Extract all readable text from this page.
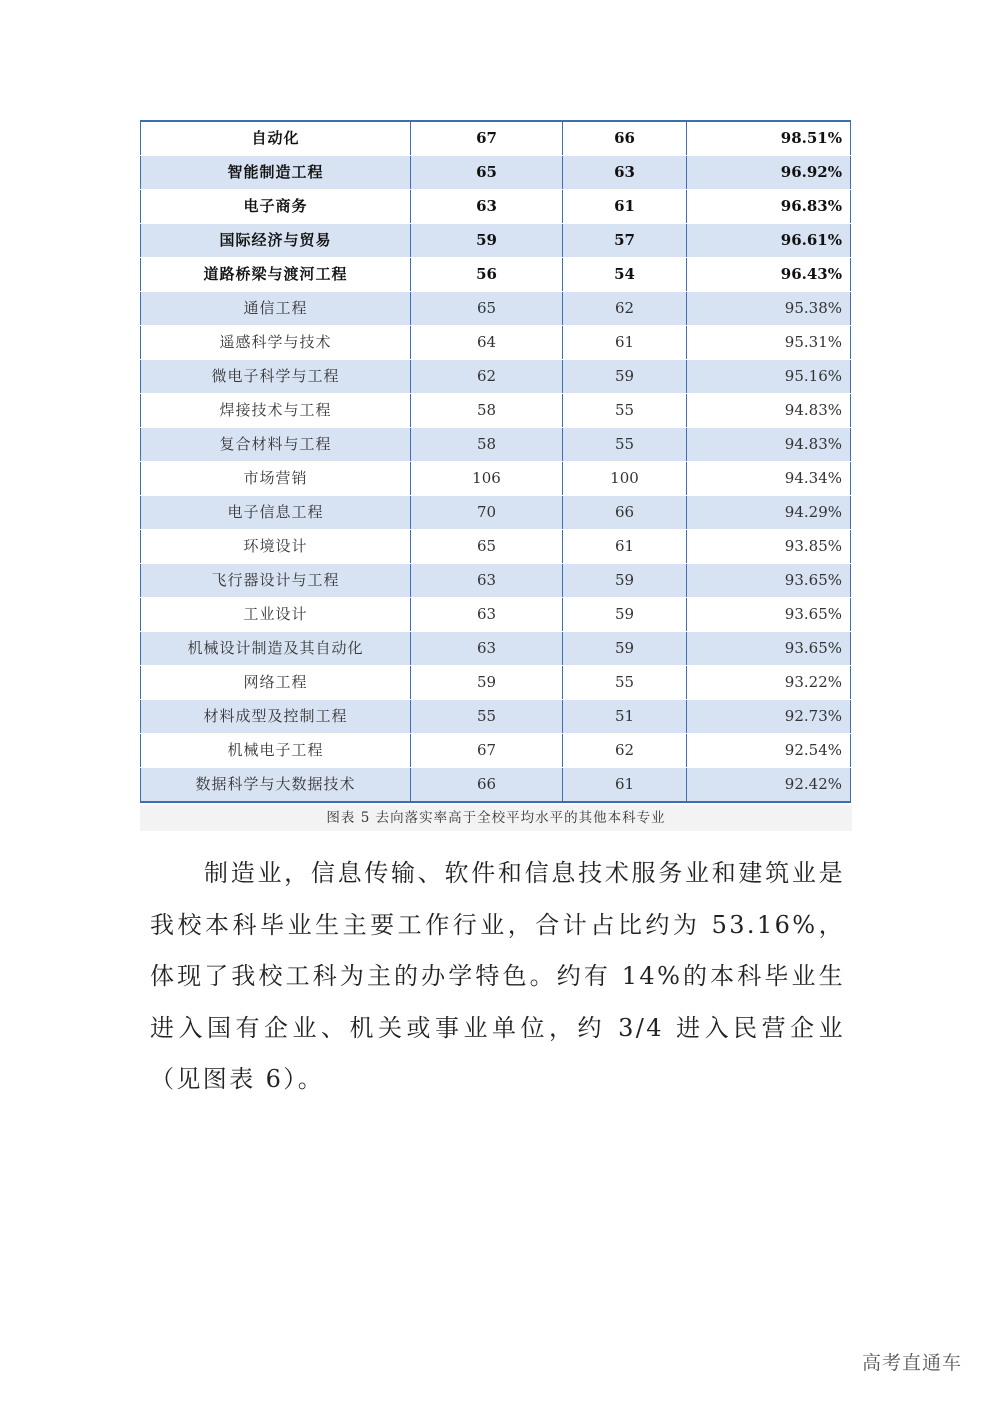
自动化	67	66	98.51%
智能制造工程	65	63	96.92%
电子商务	63	61	96.83%
国际经济与贸易	59	57	96.61%
道路桥梁与渡河工程	56	54	96.43%
通信工程	65	62	95.38%
遥感科学与技术	64	61	95.31%
微电子科学与工程	62	59	95.16%
焊接技术与工程	58	55	94.83%
复合材料与工程	58	55	94.83%
市场营销	106	100	94.34%
电子信息工程	70	66	94.29%
环境设计	65	61	93.85%
飞行器设计与工程	63	59	93.65%
工业设计	63	59	93.65%
机械设计制造及其自动化	63	59	93.65%
网络工程	59	55	93.22%
材料成型及控制工程	55	51	92.73%
机械电子工程	67	62	92.54%
数据科学与大数据技术	66	61	92.42%
图表 5 去向落实率高于全校平均水平的其他本科专业
制造业，信息传输、软件和信息技术服务业和建筑业是我校本科毕业生主要工作行业，合计占比约为 53.16%，体现了我校工科为主的办学特色。约有 14%的本科毕业生进入国有企业、机关或事业单位，约 3/4 进入民营企业（见图表 6）。
高考直通车
